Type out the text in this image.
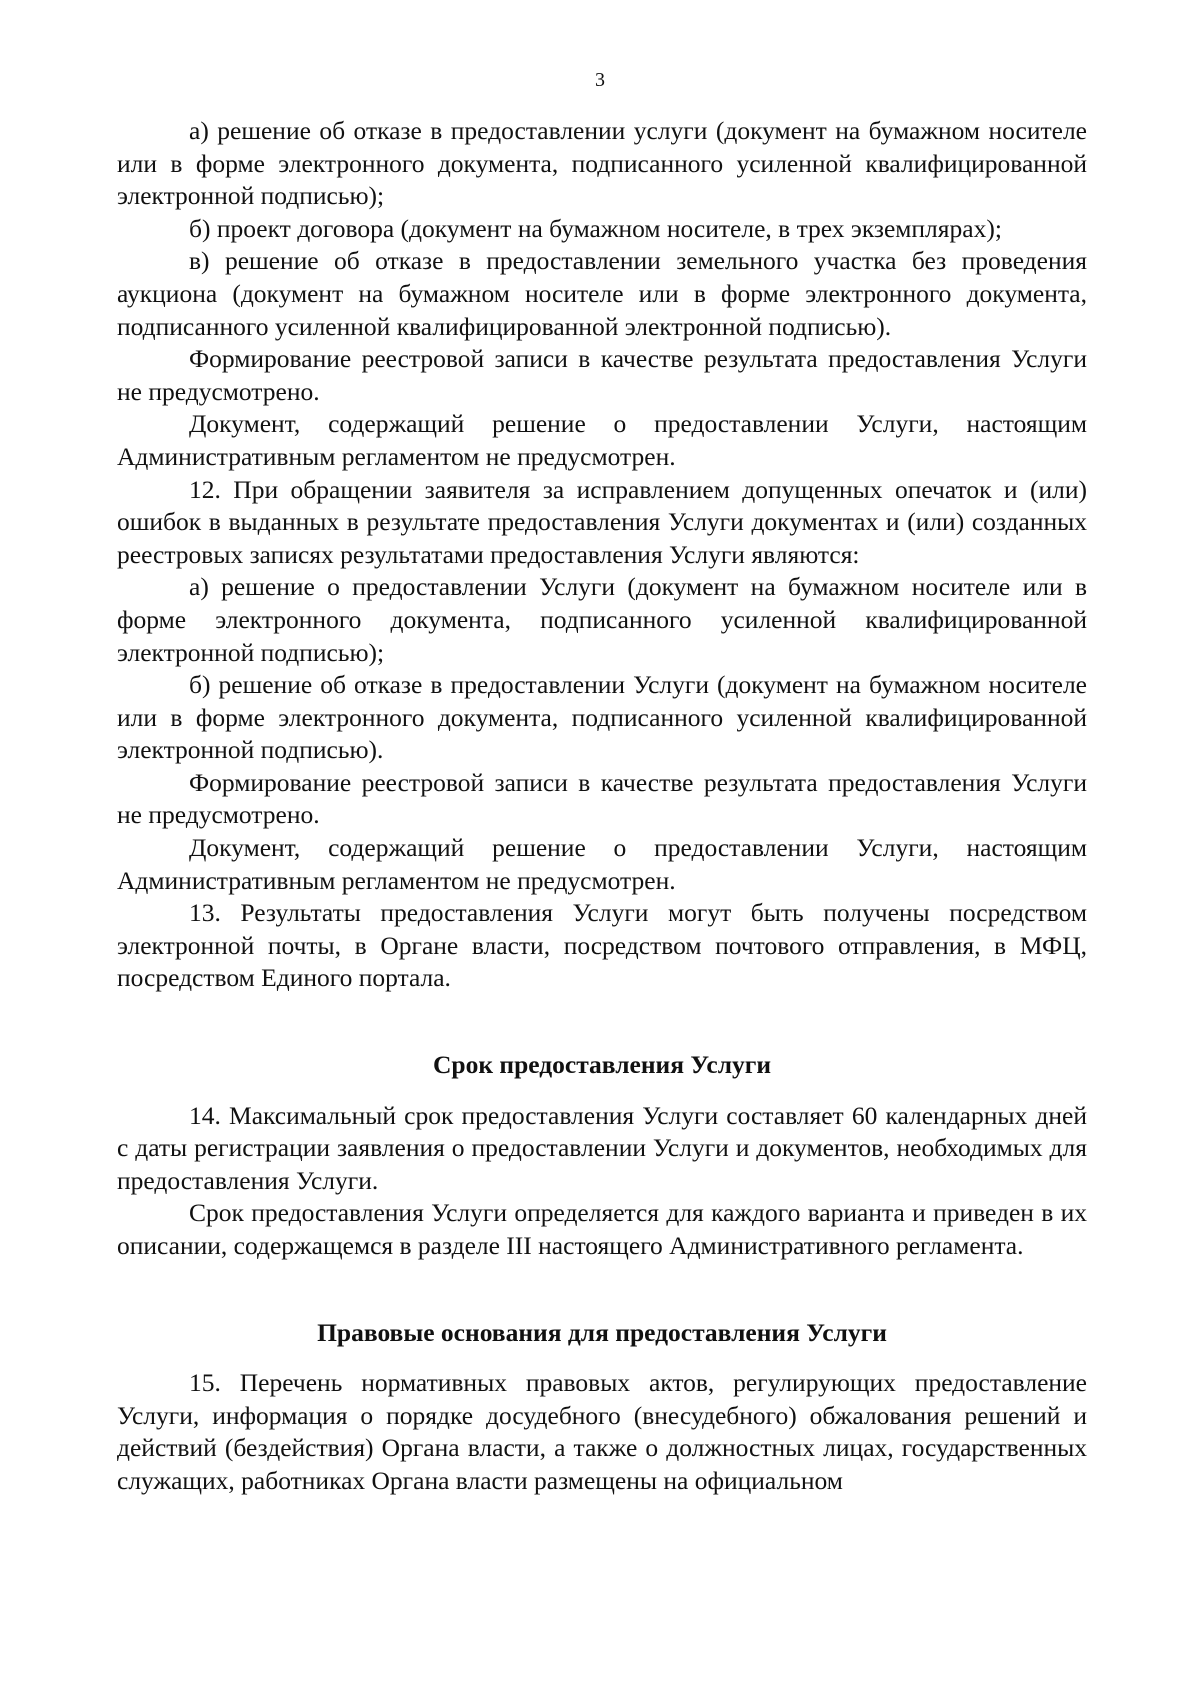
3

а) решение об отказе в предоставлении услуги (документ на бумажном носителе или в форме электронного документа, подписанного усиленной квалифицированной электронной подписью);

б) проект договора (документ на бумажном носителе, в трех экземплярах);

в) решение об отказе в предоставлении земельного участка без проведения аукциона (документ на бумажном носителе или в форме электронного документа, подписанного усиленной квалифицированной электронной подписью).

Формирование реестровой записи в качестве результата предоставления Услуги не предусмотрено.

Документ, содержащий решение о предоставлении Услуги, настоящим Административным регламентом не предусмотрен.

12. При обращении заявителя за исправлением допущенных опечаток и (или) ошибок в выданных в результате предоставления Услуги документах и (или) созданных реестровых записях результатами предоставления Услуги являются:

а) решение о предоставлении Услуги (документ на бумажном носителе или в форме электронного документа, подписанного усиленной квалифицированной электронной подписью);

б) решение об отказе в предоставлении Услуги (документ на бумажном носителе или в форме электронного документа, подписанного усиленной квалифицированной электронной подписью).

Формирование реестровой записи в качестве результата предоставления Услуги не предусмотрено.

Документ, содержащий решение о предоставлении Услуги, настоящим Административным регламентом не предусмотрен.

13. Результаты предоставления Услуги могут быть получены посредством электронной почты, в Органе власти, посредством почтового отправления, в МФЦ, посредством Единого портала.

Срок предоставления Услуги

14. Максимальный срок предоставления Услуги составляет 60 календарных дней с даты регистрации заявления о предоставлении Услуги и документов, необходимых для предоставления Услуги.

Срок предоставления Услуги определяется для каждого варианта и приведен в их описании, содержащемся в разделе III настоящего Административного регламента.

Правовые основания для предоставления Услуги

15. Перечень нормативных правовых актов, регулирующих предоставление Услуги, информация о порядке досудебного (внесудебного) обжалования решений и действий (бездействия) Органа власти, а также о должностных лицах, государственных служащих, работниках Органа власти размещены на официальном
